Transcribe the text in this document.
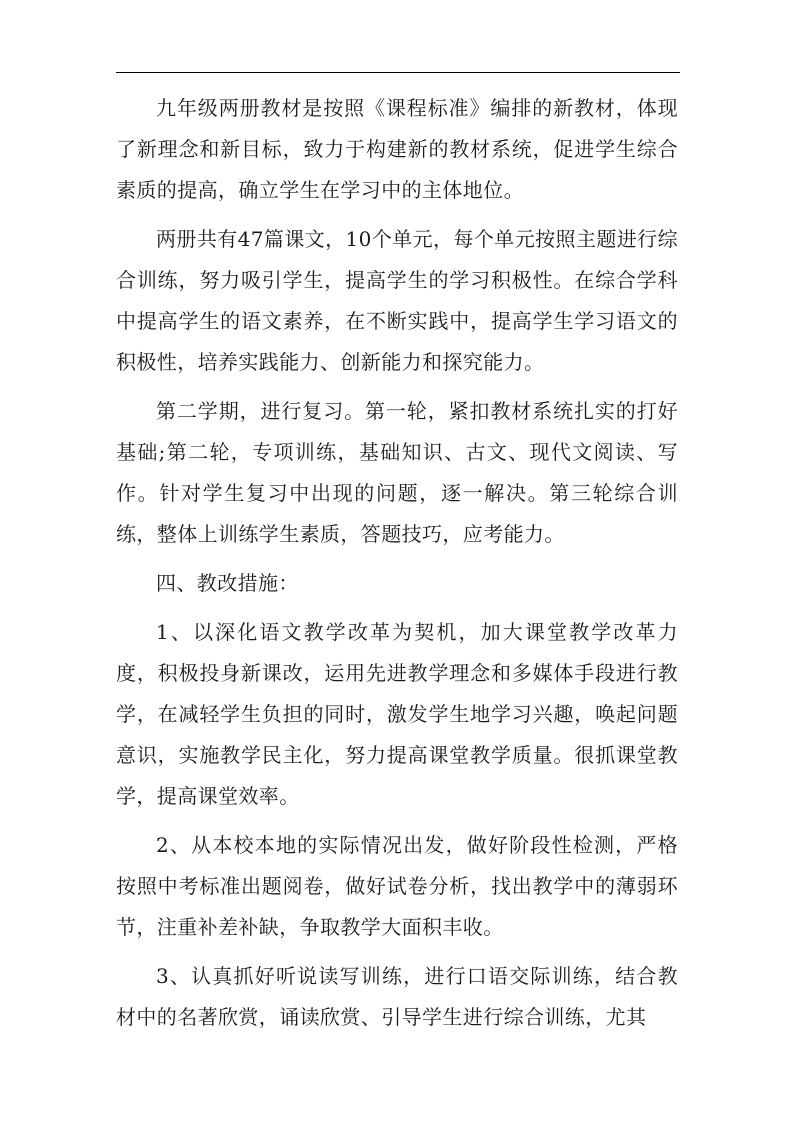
九年级两册教材是按照《课程标准》编排的新教材，体现了新理念和新目标，致力于构建新的教材系统，促进学生综合素质的提高，确立学生在学习中的主体地位。

两册共有47篇课文，10个单元，每个单元按照主题进行综合训练，努力吸引学生，提高学生的学习积极性。在综合学科中提高学生的语文素养，在不断实践中，提高学生学习语文的积极性，培养实践能力、创新能力和探究能力。

第二学期，进行复习。第一轮，紧扣教材系统扎实的打好基础;第二轮，专项训练，基础知识、古文、现代文阅读、写作。针对学生复习中出现的问题，逐一解决。第三轮综合训练，整体上训练学生素质，答题技巧，应考能力。

四、教改措施：

1、以深化语文教学改革为契机，加大课堂教学改革力度，积极投身新课改，运用先进教学理念和多媒体手段进行教学，在减轻学生负担的同时，激发学生地学习兴趣，唤起问题意识，实施教学民主化，努力提高课堂教学质量。很抓课堂教学，提高课堂效率。

2、从本校本地的实际情况出发，做好阶段性检测，严格按照中考标准出题阅卷，做好试卷分析，找出教学中的薄弱环节，注重补差补缺，争取教学大面积丰收。

3、认真抓好听说读写训练，进行口语交际训练，结合教材中的名著欣赏，诵读欣赏、引导学生进行综合训练，尤其
